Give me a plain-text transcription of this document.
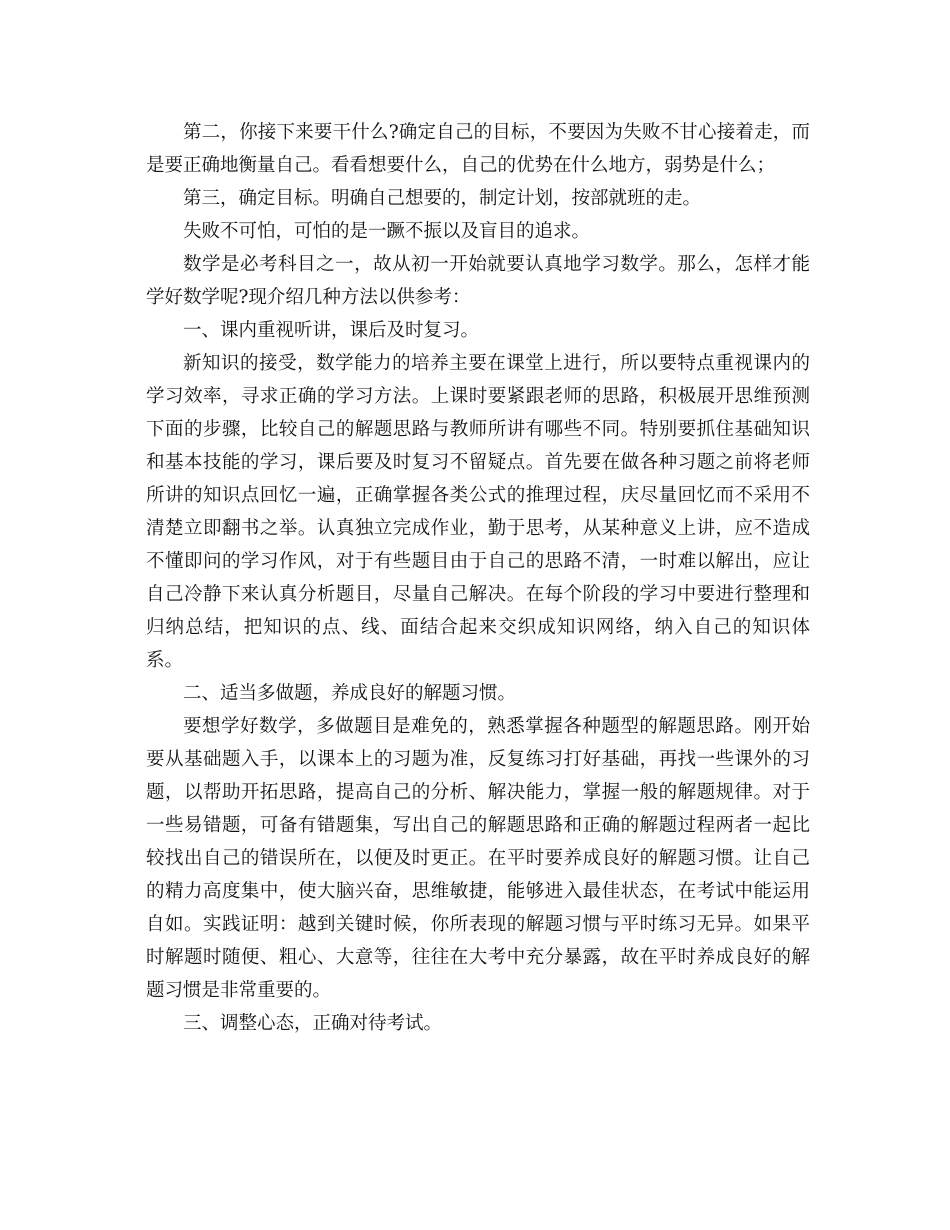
第二，你接下来要干什么?确定自己的目标，不要因为失败不甘心接着走，而是要正确地衡量自己。看看想要什么，自己的优势在什么地方，弱势是什么；

第三，确定目标。明确自己想要的，制定计划，按部就班的走。

失败不可怕，可怕的是一蹶不振以及盲目的追求。

数学是必考科目之一，故从初一开始就要认真地学习数学。那么，怎样才能学好数学呢?现介绍几种方法以供参考：

一、课内重视听讲，课后及时复习。

新知识的接受，数学能力的培养主要在课堂上进行，所以要特点重视课内的学习效率，寻求正确的学习方法。上课时要紧跟老师的思路，积极展开思维预测下面的步骤，比较自己的解题思路与教师所讲有哪些不同。特别要抓住基础知识和基本技能的学习，课后要及时复习不留疑点。首先要在做各种习题之前将老师所讲的知识点回忆一遍，正确掌握各类公式的推理过程，庆尽量回忆而不采用不清楚立即翻书之举。认真独立完成作业，勤于思考，从某种意义上讲，应不造成不懂即问的学习作风，对于有些题目由于自己的思路不清，一时难以解出，应让自己冷静下来认真分析题目，尽量自己解决。在每个阶段的学习中要进行整理和归纳总结，把知识的点、线、面结合起来交织成知识网络，纳入自己的知识体系。

二、适当多做题，养成良好的解题习惯。

要想学好数学，多做题目是难免的，熟悉掌握各种题型的解题思路。刚开始要从基础题入手，以课本上的习题为准，反复练习打好基础，再找一些课外的习题，以帮助开拓思路，提高自己的分析、解决能力，掌握一般的解题规律。对于一些易错题，可备有错题集，写出自己的解题思路和正确的解题过程两者一起比较找出自己的错误所在，以便及时更正。在平时要养成良好的解题习惯。让自己的精力高度集中，使大脑兴奋，思维敏捷，能够进入最佳状态，在考试中能运用自如。实践证明：越到关键时候，你所表现的解题习惯与平时练习无异。如果平时解题时随便、粗心、大意等，往往在大考中充分暴露，故在平时养成良好的解题习惯是非常重要的。

三、调整心态，正确对待考试。
